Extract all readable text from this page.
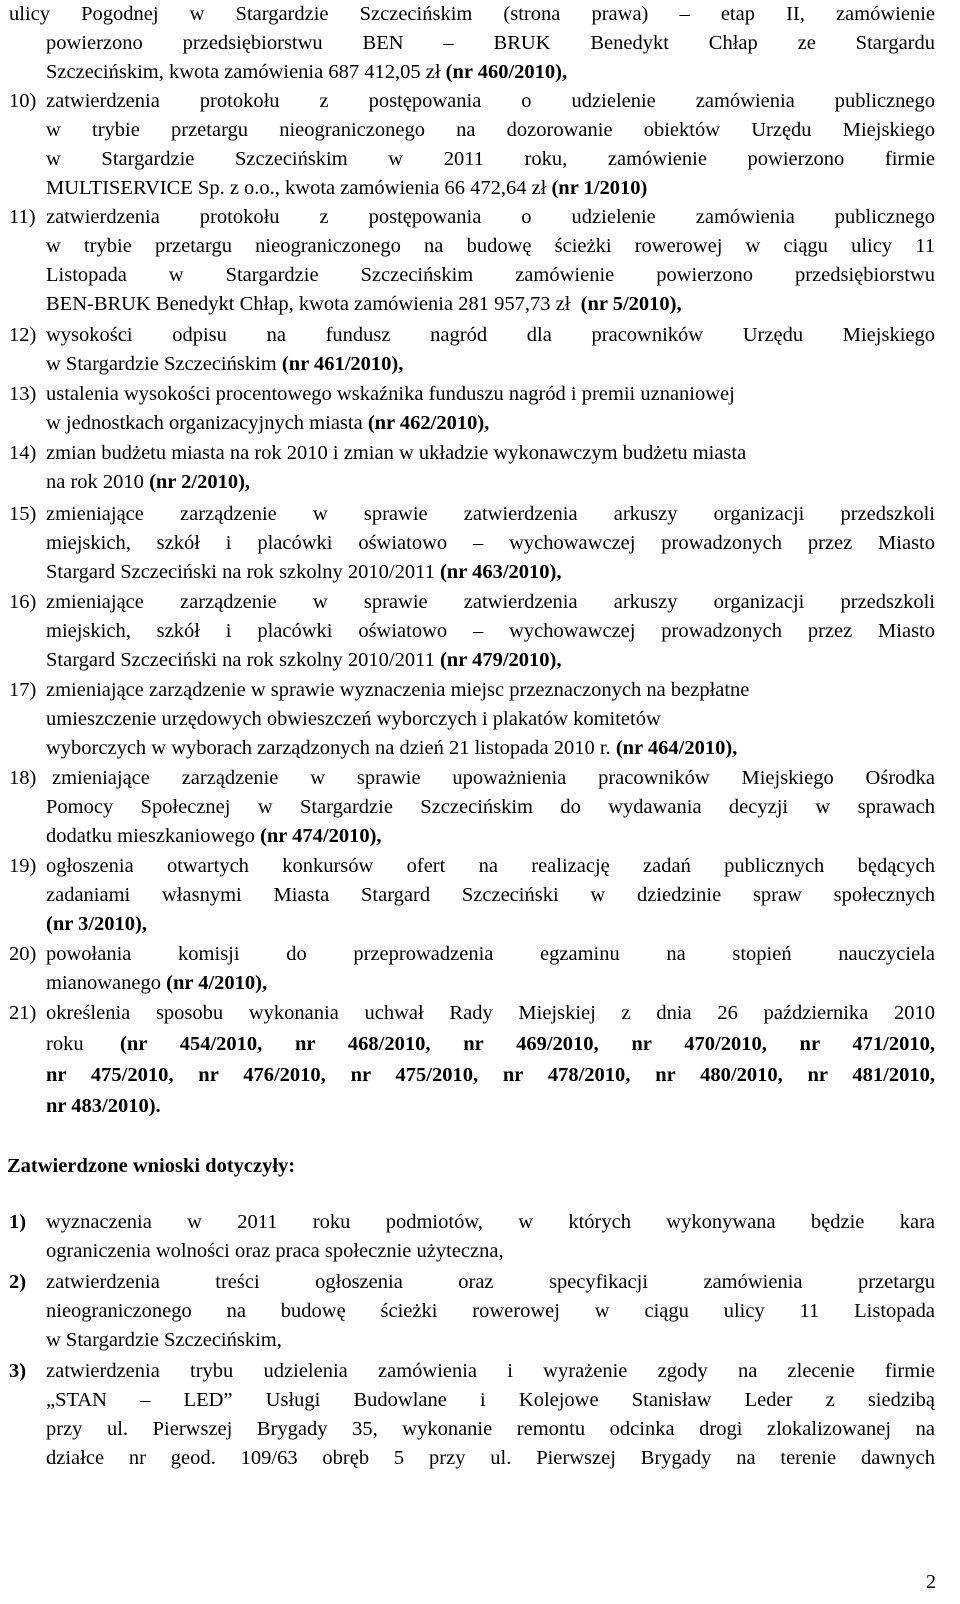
ulicy Pogodnej w Stargardzie Szczecińskim (strona prawa) – etap II, zamówienie
powierzono przedsiębiorstwu BEN – BRUK Benedykt Chłap ze Stargardu
Szczecińskim, kwota zamówienia 687 412,05 zł (nr 460/2010),
10) zatwierdzenia protokołu z postępowania o udzielenie zamówienia publicznego
w trybie przetargu nieograniczonego na dozorowanie obiektów Urzędu Miejskiego
w Stargardzie Szczecińskim w 2011 roku, zamówienie powierzono firmie
MULTISERVICE Sp. z o.o., kwota zamówienia 66 472,64 zł (nr 1/2010)
11) zatwierdzenia protokołu z postępowania o udzielenie zamówienia publicznego
w trybie przetargu nieograniczonego na budowę ścieżki rowerowej w ciągu ulicy 11
Listopada w Stargardzie Szczecińskim zamówienie powierzono przedsiębiorstwu
BEN-BRUK Benedykt Chłap, kwota zamówienia 281 957,73 zł (nr 5/2010),
12) wysokości odpisu na fundusz nagród dla pracowników Urzędu Miejskiego
w Stargardzie Szczecińskim (nr 461/2010),
13) ustalenia wysokości procentowego wskaźnika funduszu nagród i premii uznaniowej
w jednostkach organizacyjnych miasta (nr 462/2010),
14) zmian budżetu miasta na rok 2010 i zmian w układzie wykonawczym budżetu miasta
na rok 2010 (nr 2/2010),
15) zmieniające zarządzenie w sprawie zatwierdzenia arkuszy organizacji przedszkoli
miejskich, szkół i placówki oświatowo – wychowawczej prowadzonych przez Miasto
Stargard Szczeciński na rok szkolny 2010/2011 (nr 463/2010),
16) zmieniające zarządzenie w sprawie zatwierdzenia arkuszy organizacji przedszkoli
miejskich, szkół i placówki oświatowo – wychowawczej prowadzonych przez Miasto
Stargard Szczeciński na rok szkolny 2010/2011 (nr 479/2010),
17) zmieniające zarządzenie w sprawie wyznaczenia miejsc przeznaczonych na bezpłatne
umieszczenie urzędowych obwieszczeń wyborczych i plakatów komitetów
wyborczych w wyborach zarządzonych na dzień 21 listopada 2010 r. (nr 464/2010),
18) zmieniające zarządzenie w sprawie upoważnienia pracowników Miejskiego Ośrodka
Pomocy Społecznej w Stargardzie Szczecińskim do wydawania decyzji w sprawach
dodatku mieszkaniowego (nr 474/2010),
19) ogłoszenia otwartych konkursów ofert na realizację zadań publicznych będących
zadaniami własnymi Miasta Stargard Szczeciński w dziedzinie spraw społecznych
(nr 3/2010),
20) powołania komisji do przeprowadzenia egzaminu na stopień nauczyciela
mianowanego (nr 4/2010),
21) określenia sposobu wykonania uchwał Rady Miejskiej z dnia 26 października 2010
roku	(nr 454/2010, nr 468/2010, nr 469/2010, nr 470/2010, nr 471/2010,
nr 475/2010, nr 476/2010, nr 475/2010, nr 478/2010, nr 480/2010, nr 481/2010,
nr 483/2010).
Zatwierdzone wnioski dotyczyły:
1) wyznaczenia w 2011 roku podmiotów, w których wykonywana będzie kara
ograniczenia wolności oraz praca społecznie użyteczna,
2) zatwierdzenia treści ogłoszenia oraz specyfikacji zamówienia przetargu
nieograniczonego na budowę ścieżki rowerowej w ciągu ulicy 11 Listopada
w Stargardzie Szczecińskim,
3) zatwierdzenia trybu udzielenia zamówienia i wyrażenie zgody na zlecenie firmie
„STAN – LED” Usługi Budowlane i Kolejowe Stanisław Leder z siedzibą
przy ul. Pierwszej Brygady 35, wykonanie remontu odcinka drogi zlokalizowanej na
działce nr geod. 109/63 obręb 5 przy ul. Pierwszej Brygady na terenie dawnych
2
